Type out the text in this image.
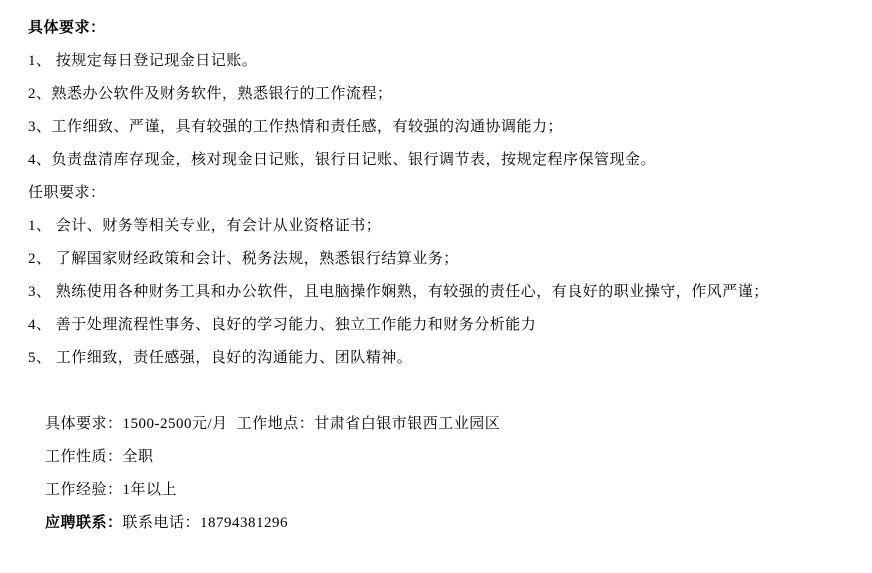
具体要求：

1、 按规定每日登记现金日记账。

2、熟悉办公软件及财务软件，熟悉银行的工作流程；

3、工作细致、严谨，具有较强的工作热情和责任感，有较强的沟通协调能力；

4、负责盘清库存现金，核对现金日记账，银行日记账、银行调节表，按规定程序保管现金。

任职要求：

1、 会计、财务等相关专业，有会计从业资格证书；

2、 了解国家财经政策和会计、税务法规，熟悉银行结算业务；

3、 熟练使用各种财务工具和办公软件，且电脑操作娴熟，有较强的责任心，有良好的职业操守，作风严谨；

4、 善于处理流程性事务、良好的学习能力、独立工作能力和财务分析能力

5、 工作细致，责任感强，良好的沟通能力、团队精神。

具体要求：1500-2500元/月 工作地点：甘肃省白银市银西工业园区

工作性质：全职

工作经验：1年以上

应聘联系：联系电话：18794381296
